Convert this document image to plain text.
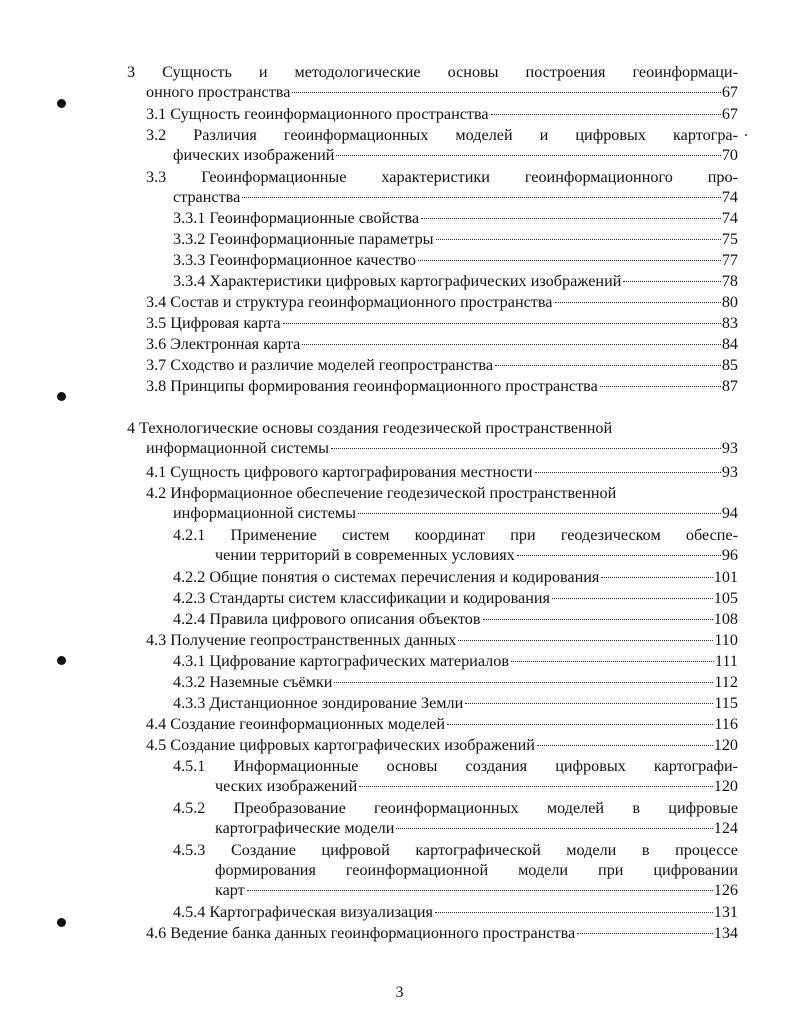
3 Сущность и методологические основы построения геоинформаци-
онного пространства	67
3.1 Сущность геоинформационного пространства	67
3.2 Различия геоинформационных моделей и цифровых картогра-
фических изображений	70
3.3 Геоинформационные характеристики геоинформационного про-
странства	74
3.3.1 Геоинформационные свойства	74
3.3.2 Геоинформационные параметры	75
3.3.3 Геоинформационное качество	77
3.3.4 Характеристики цифровых картографических изображений	78
3.4 Состав и структура геоинформационного пространства	80
3.5 Цифровая карта	83
3.6 Электронная карта	84
3.7 Сходство и различие моделей геопространства	85
3.8 Принципы формирования геоинформационного пространства	87
4 Технологические основы создания геодезической пространственной
информационной системы	93
4.1 Сущность цифрового картографирования местности	93
4.2 Информационное обеспечение геодезической пространственной
информационной системы	94
4.2.1 Применение систем координат при геодезическом обеспе-
чении территорий в современных условиях	96
4.2.2 Общие понятия о системах перечисления и кодирования	101
4.2.3 Стандарты систем классификации и кодирования	105
4.2.4 Правила цифрового описания объектов	108
4.3 Получение геопространственных данных	110
4.3.1 Цифрование картографических материалов	111
4.3.2 Наземные съёмки	112
4.3.3 Дистанционное зондирование Земли	115
4.4 Создание геоинформационных моделей	116
4.5 Создание цифровых картографических изображений	120
4.5.1 Информационные основы создания цифровых картографи-
ческих изображений	120
4.5.2 Преобразование геоинформационных моделей в цифровые
картографические модели	124
4.5.3 Создание цифровой картографической модели в процессе
формирования геоинформационной модели при цифровании
карт	126
4.5.4 Картографическая визуализация	131
4.6 Ведение банка данных геоинформационного пространства	134
3
